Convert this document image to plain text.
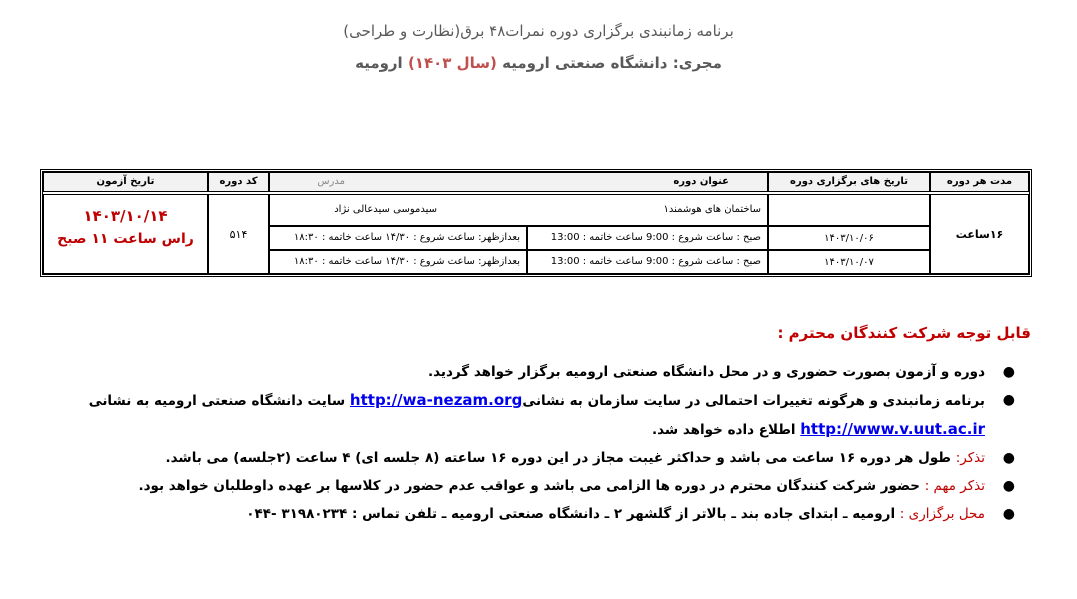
برنامه زمانبندی برگزاری دوره نمرات۴۸ برق(نظارت و طراحی)
مجری: دانشگاه صنعتی ارومیه (سال ۱۴۰۳) ارومیه
مدت هر دوره
تاریخ های برگزاری دوره
عنوان دوره
مدرس
کد دوره
تاریخ آزمون
۱۶ساعت
۱۴۰۳/۱۰/۰۶
۱۴۰۳/۱۰/۰۷
ساختمان های هوشمند۱
سیدموسی سیدعالی نژاد
صبح : ساعت شروع : 9:00 ساعت خاتمه : 13:00
بعدازظهر: ساعت شروع : ۱۴/۳۰ ساعت خاتمه : ۱۸:۳۰
صبح : ساعت شروع : 9:00 ساعت خاتمه : 13:00
بعدازظهر: ساعت شروع : ۱۴/۳۰ ساعت خاتمه : ۱۸:۳۰
۵۱۴
۱۴۰۳/۱۰/۱۴
راس ساعت ۱۱ صبح
قابل توجه شرکت کنندگان محترم :
●
دوره و آزمون بصورت حضوری و در محل دانشگاه صنعتی ارومیه برگزار خواهد گردید.
●
برنامه زمانبندی و هرگونه تغییرات احتمالی در سایت سازمان به نشانیhttp://wa-nezam.org سایت دانشگاه صنعتی ارومیه به نشانی
http://www.v.uut.ac.ir اطلاع داده خواهد شد.
●
تذکر: طول هر دوره ۱۶ ساعت می باشد و حداکثر غیبت مجاز در این دوره ۱۶ ساعته (۸ جلسه ای) ۴ ساعت (۲جلسه) می باشد.
●
تذکر مهم : حضور شرکت کنندگان محترم در دوره ها الزامی می باشد و عواقب عدم حضور در کلاسها بر عهده داوطلبان خواهد بود.
●
محل برگزاری : ارومیه ـ ابتدای جاده بند ـ بالاتر از گلشهر ۲ ـ دانشگاه صنعتی ارومیه ـ تلفن تماس : ۳۱۹۸۰۲۳۴ -۰۴۴
